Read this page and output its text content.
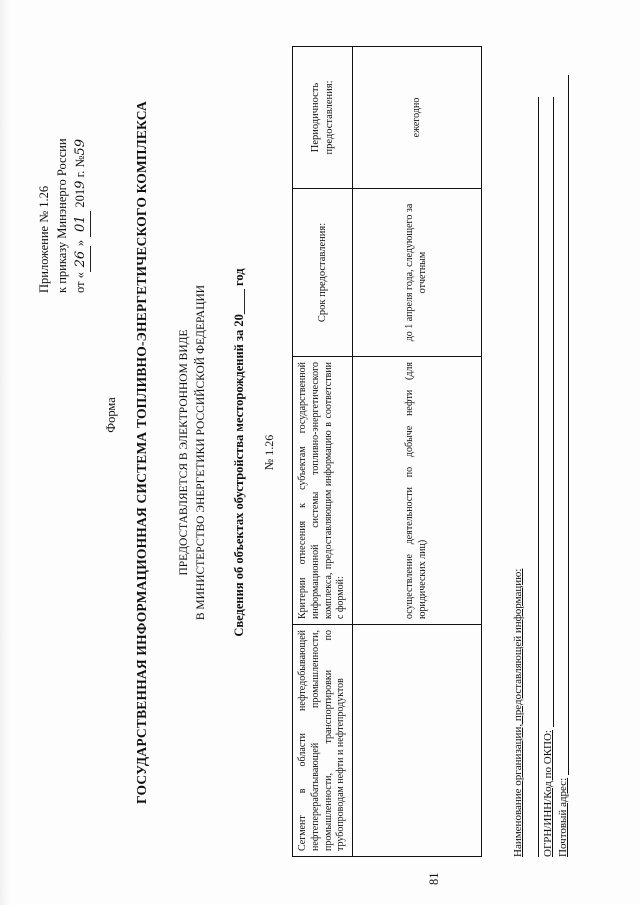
Приложение № 1.26 к приказу Минэнерго России от «26» 01 2019 г. №59
Форма ГОСУДАРСТВЕННАЯ ИНФОРМАЦИОННАЯ СИСТЕМА ТОПЛИВНО-ЭНЕРГЕТИЧЕСКОГО КОМПЛЕКСА	ПРЕДОСТАВЛЯЕТСЯ В ЭЛЕКТРОННОМ ВИДЕ В МИНИСТЕРСТВО ЭНЕРГЕТИКИ РОССИЙСКОЙ ФЕДЕРАЦИИ Сведения об объектах обустройства месторождений за 20____ год № 1.26
Сегмент в области нефтедобывающей нефтеперерабатывающей промышленности, промышленности, транспортировки по трубопроводам нефти и нефтепродуктов	Критерии отнесения к субъектам государственной информационной системы топливно-энергетического комплекса, предоставляющим информацию в соответствии с формой:	Срок предоставления:	Периодичность предоставления:
	осуществление деятельности по добыче нефти (для юридических лиц)	до 1 апреля года, следующего за отчетным	ежегодно
Наименование организации, предоставляющей информацию: ОГРН/ИНН/Код по ОКПО: Почтовый адрес:
81
